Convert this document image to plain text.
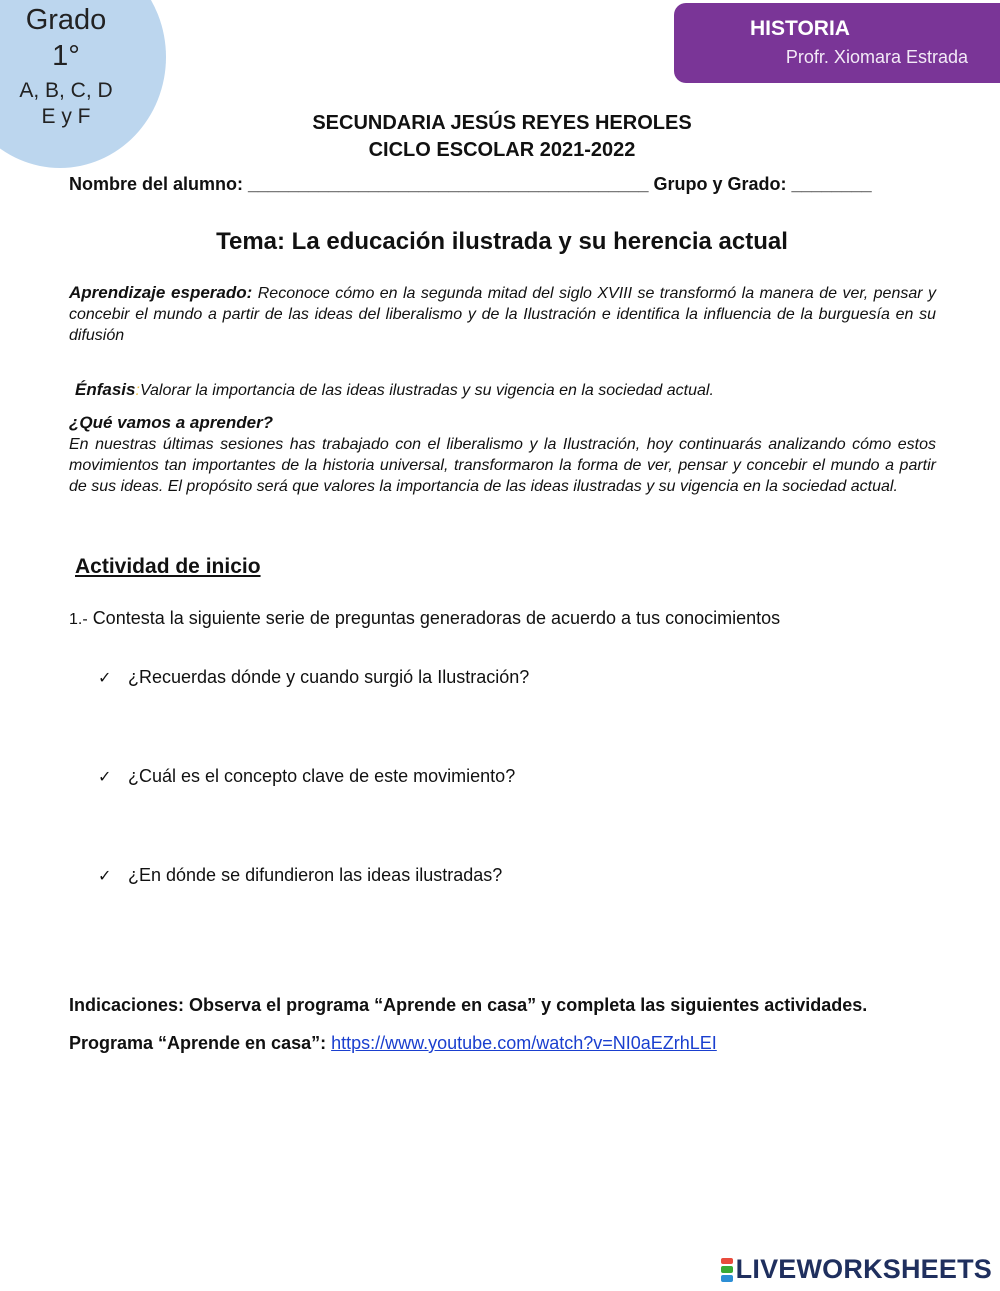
Grado
1°
A, B, C, D
E y F
HISTORIA
Profr. Xiomara Estrada
SECUNDARIA JESÚS REYES HEROLES
CICLO ESCOLAR 2021-2022
Nombre del alumno: ________________________________________ Grupo y Grado: ________
Tema: La educación ilustrada y su herencia actual
Aprendizaje esperado: Reconoce cómo en la segunda mitad del siglo XVIII se transformó la manera de ver, pensar y concebir el mundo a partir de las ideas del liberalismo y de la Ilustración e identifica la influencia de la burguesía en su difusión
Énfasis:Valorar la importancia de las ideas ilustradas y su vigencia en la sociedad actual.
¿Qué vamos a aprender?
En nuestras últimas sesiones has trabajado con el liberalismo y la Ilustración, hoy continuarás analizando cómo estos movimientos tan importantes de la historia universal, transformaron la forma de ver, pensar y concebir el mundo a partir de sus ideas. El propósito será que valores la importancia de las ideas ilustradas y su vigencia en la sociedad actual.
Actividad de inicio
1.- Contesta la siguiente serie de preguntas generadoras de acuerdo a tus conocimientos
✓ ¿Recuerdas dónde y cuando surgió la Ilustración?
✓ ¿Cuál es el concepto clave de este movimiento?
✓ ¿En dónde se difundieron las ideas ilustradas?
Indicaciones: Observa el programa “Aprende en casa” y completa las siguientes actividades.
Programa “Aprende en casa”: https://www.youtube.com/watch?v=NI0aEZrhLEI
LIVEWORKSHEETS
